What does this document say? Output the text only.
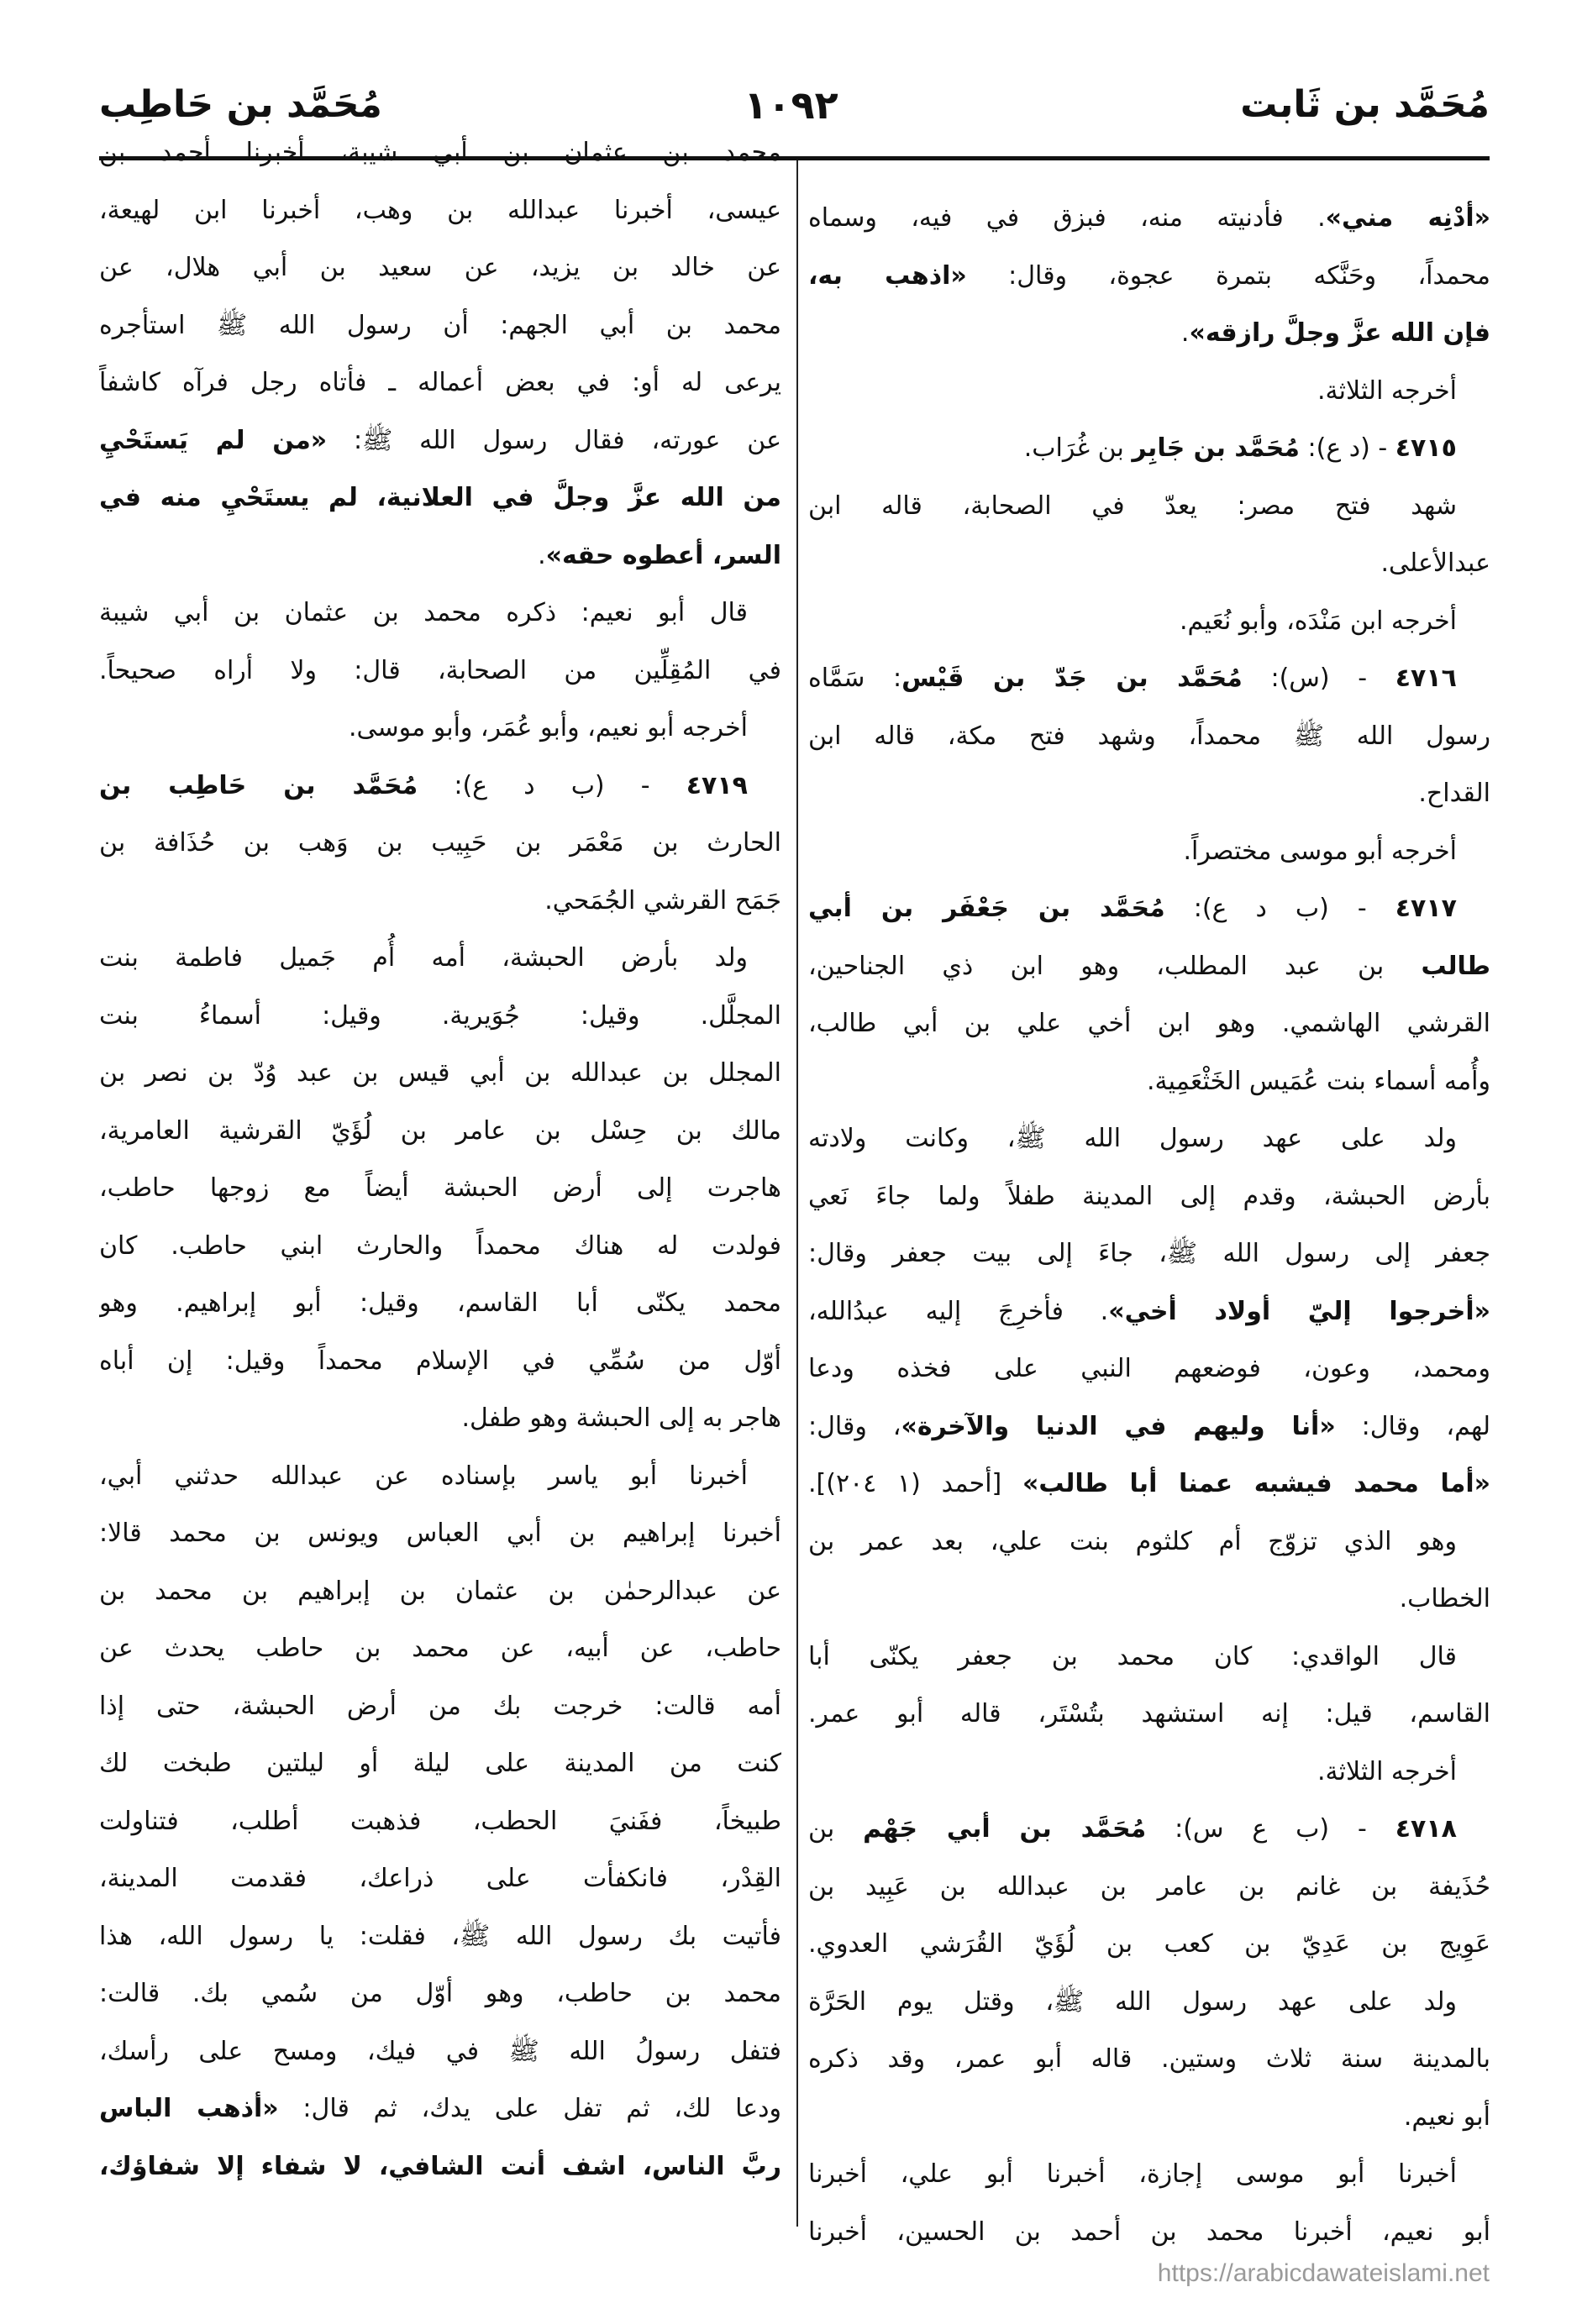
مُحَمَّد بن ثَابت
١٠٩٢
مُحَمَّد بن حَاطِب
«أدْنِه مني». فأدنيته منه، فبزق في فيه، وسماه
محمداً، وحَنَّكه بتمرة عجوة، وقال: «اذهب به،
فإن الله عزَّ وجلَّ رازقه».
أخرجه الثلاثة.
٤٧١٥ - (د ع): مُحَمَّد بن جَابِر بن غُرَاب.
شهد فتح مصر: يعدّ في الصحابة، قاله ابن
عبدالأعلى.
أخرجه ابن مَنْدَه، وأبو نُعَيم.
٤٧١٦ - (س): مُحَمَّد بن جَدّ بن قَيْس: سَمَّاه
رسول الله ﷺ محمداً، وشهد فتح مكة، قاله ابن
القداح.
أخرجه أبو موسى مختصراً.
٤٧١٧ - (ب د ع): مُحَمَّد بن جَعْفَر بن أبي
طالب بن عبد المطلب، وهو ابن ذي الجناحين،
القرشي الهاشمي. وهو ابن أخي علي بن أبي طالب،
وأُمه أسماء بنت عُمَيس الخَثْعَمِية.
ولد على عهد رسول الله ﷺ، وكانت ولادته
بأرض الحبشة، وقدم إلى المدينة طفلاً ولما جاءَ نَعي
جعفر إلى رسول الله ﷺ، جاءَ إلى بيت جعفر وقال:
«أخرجوا إليّ أولاد أخي». فأخرِجَ إليه عبدُالله،
ومحمد، وعون، فوضعهم النبي على فخذه ودعا
لهم، وقال: «أنا وليهم في الدنيا والآخرة»، وقال:
«أما محمد فيشبه عمنا أبا طالب» [أحمد (١ ٢٠٤)].
وهو الذي تزوّج أم كلثوم بنت علي، بعد عمر بن
الخطاب.
قال الواقدي: كان محمد بن جعفر يكنّى أبا
القاسم، قيل: إنه استشهد بتُسْتَر، قاله أبو عمر.
أخرجه الثلاثة.
٤٧١٨ - (ب ع س): مُحَمَّد بن أبي جَهْم بن
حُذَيفة بن غانم بن عامر بن عبدالله بن عَبِيد بن
عَوِيج بن عَدِيّ بن كعب بن لُؤَيّ القُرَشي العدوي.
ولد على عهد رسول الله ﷺ، وقتل يوم الحَرَّة
بالمدينة سنة ثلاث وستين. قاله أبو عمر، وقد ذكره
أبو نعيم.
أخبرنا أبو موسى إجازة، أخبرنا أبو علي، أخبرنا
أبو نعيم، أخبرنا محمد بن أحمد بن الحسين، أخبرنا
محمد بن عثمان بن أبي شيبة، أخبرنا أحمد بن
عيسى، أخبرنا عبدالله بن وهب، أخبرنا ابن لهيعة،
عن خالد بن يزيد، عن سعيد بن أبي هلال، عن
محمد بن أبي الجهم: أن رسول الله ﷺ استأجره
يرعى له أو: في بعض أعماله ـ فأتاه رجل فرآه كاشفاً
عن عورته، فقال رسول الله ﷺ: «من لم يَستَحْيِ
من الله عزَّ وجلَّ في العلانية، لم يستَحْيِ منه في
السر، أعطوه حقه».
قال أبو نعيم: ذكره محمد بن عثمان بن أبي شيبة
في المُقِلِّين من الصحابة، قال: ولا أراه صحيحاً.
أخرجه أبو نعيم، وأبو عُمَر، وأبو موسى.
٤٧١٩ - (ب د ع): مُحَمَّد بن حَاطِب بن
الحارث بن مَعْمَر بن حَبِيب بن وَهب بن حُذَافة بن
جَمَح القرشي الجُمَحي.
ولد بأرض الحبشة، أمه أُم جَميل فاطمة بنت
المجلَّل. وقيل: جُوَيرية. وقيل: أسماءُ بنت
المجلل بن عبدالله بن أبي قيس بن عبد وُدّ بن نصر بن
مالك بن حِسْل بن عامر بن لُؤَيّ القرشية العامرية،
هاجرت إلى أرض الحبشة أيضاً مع زوجها حاطب،
فولدت له هناك محمداً والحارث ابني حاطب. كان
محمد يكنّى أبا القاسم، وقيل: أبو إبراهيم. وهو
أوّل من سُمِّي في الإسلام محمداً وقيل: إن أباه
هاجر به إلى الحبشة وهو طفل.
أخبرنا أبو ياسر بإسناده عن عبدالله حدثني أبي،
أخبرنا إبراهيم بن أبي العباس ويونس بن محمد قالا:
عن عبدالرحمٰن بن عثمان بن إبراهيم بن محمد بن
حاطب، عن أبيه، عن محمد بن حاطب يحدث عن
أمه قالت: خرجت بك من أرض الحبشة، حتى إذا
كنت من المدينة على ليلة أو ليلتين طبخت لك
طبيخاً، ففَنيَ الحطب، فذهبت أطلب، فتناولت
القِدْر، فانكفأت على ذراعك، فقدمت المدينة،
فأتيت بك رسول الله ﷺ، فقلت: يا رسول الله، هذا
محمد بن حاطب، وهو أوّل من سُمي بك. قالت:
فتفل رسولُ الله ﷺ في فيك، ومسح على رأسك،
ودعا لك، ثم تفل على يدك، ثم قال: «أذهب الباس
ربَّ الناس، اشف أنت الشافي، لا شفاء إلا شفاؤك،
https://arabicdawateislami.net
